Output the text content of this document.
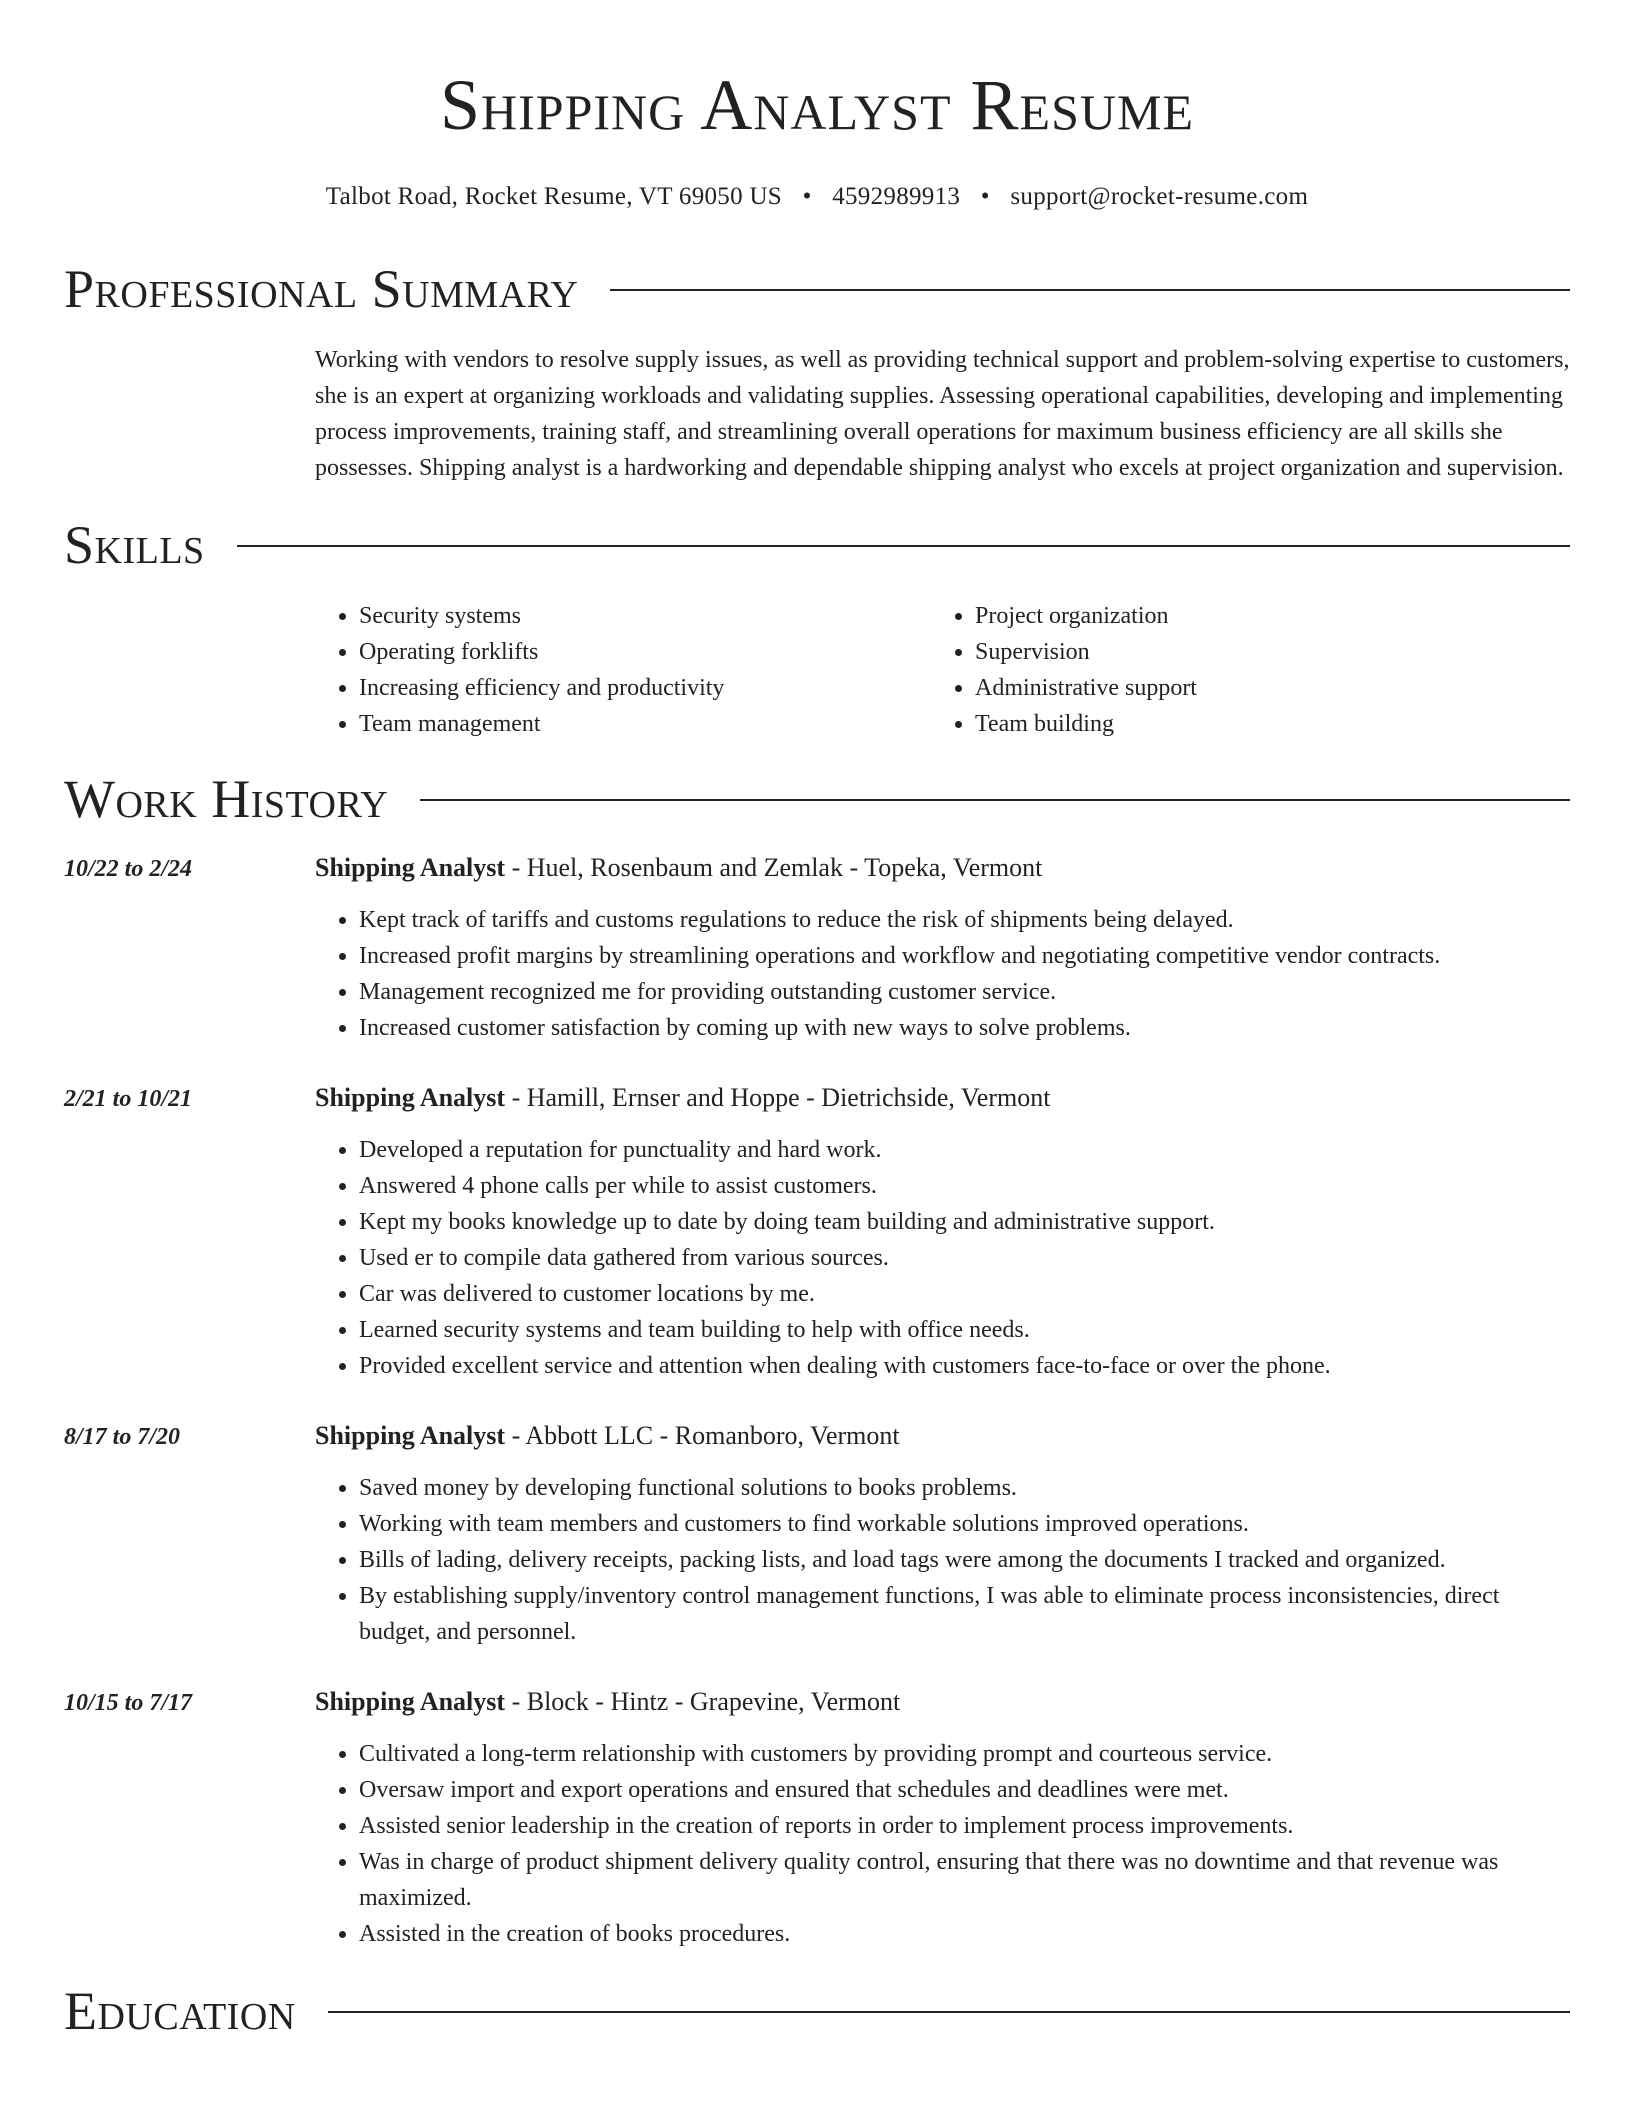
Shipping Analyst Resume
Talbot Road, Rocket Resume, VT 69050 US • 4592989913 • support@rocket-resume.com
Professional Summary
Working with vendors to resolve supply issues, as well as providing technical support and problem-solving expertise to customers, she is an expert at organizing workloads and validating supplies. Assessing operational capabilities, developing and implementing process improvements, training staff, and streamlining overall operations for maximum business efficiency are all skills she possesses. Shipping analyst is a hardworking and dependable shipping analyst who excels at project organization and supervision.
Skills
• Security systems
• Operating forklifts
• Increasing efficiency and productivity
• Team management
• Project organization
• Supervision
• Administrative support
• Team building
Work History
10/22 to 2/24	Shipping Analyst - Huel, Rosenbaum and Zemlak - Topeka, Vermont
• Kept track of tariffs and customs regulations to reduce the risk of shipments being delayed.
• Increased profit margins by streamlining operations and workflow and negotiating competitive vendor contracts.
• Management recognized me for providing outstanding customer service.
• Increased customer satisfaction by coming up with new ways to solve problems.
2/21 to 10/21	Shipping Analyst - Hamill, Ernser and Hoppe - Dietrichside, Vermont
• Developed a reputation for punctuality and hard work.
• Answered 4 phone calls per while to assist customers.
• Kept my books knowledge up to date by doing team building and administrative support.
• Used er to compile data gathered from various sources.
• Car was delivered to customer locations by me.
• Learned security systems and team building to help with office needs.
• Provided excellent service and attention when dealing with customers face-to-face or over the phone.
8/17 to 7/20	Shipping Analyst - Abbott LLC - Romanboro, Vermont
• Saved money by developing functional solutions to books problems.
• Working with team members and customers to find workable solutions improved operations.
• Bills of lading, delivery receipts, packing lists, and load tags were among the documents I tracked and organized.
• By establishing supply/inventory control management functions, I was able to eliminate process inconsistencies, direct budget, and personnel.
10/15 to 7/17	Shipping Analyst - Block - Hintz - Grapevine, Vermont
• Cultivated a long-term relationship with customers by providing prompt and courteous service.
• Oversaw import and export operations and ensured that schedules and deadlines were met.
• Assisted senior leadership in the creation of reports in order to implement process improvements.
• Was in charge of product shipment delivery quality control, ensuring that there was no downtime and that revenue was maximized.
• Assisted in the creation of books procedures.
Education
